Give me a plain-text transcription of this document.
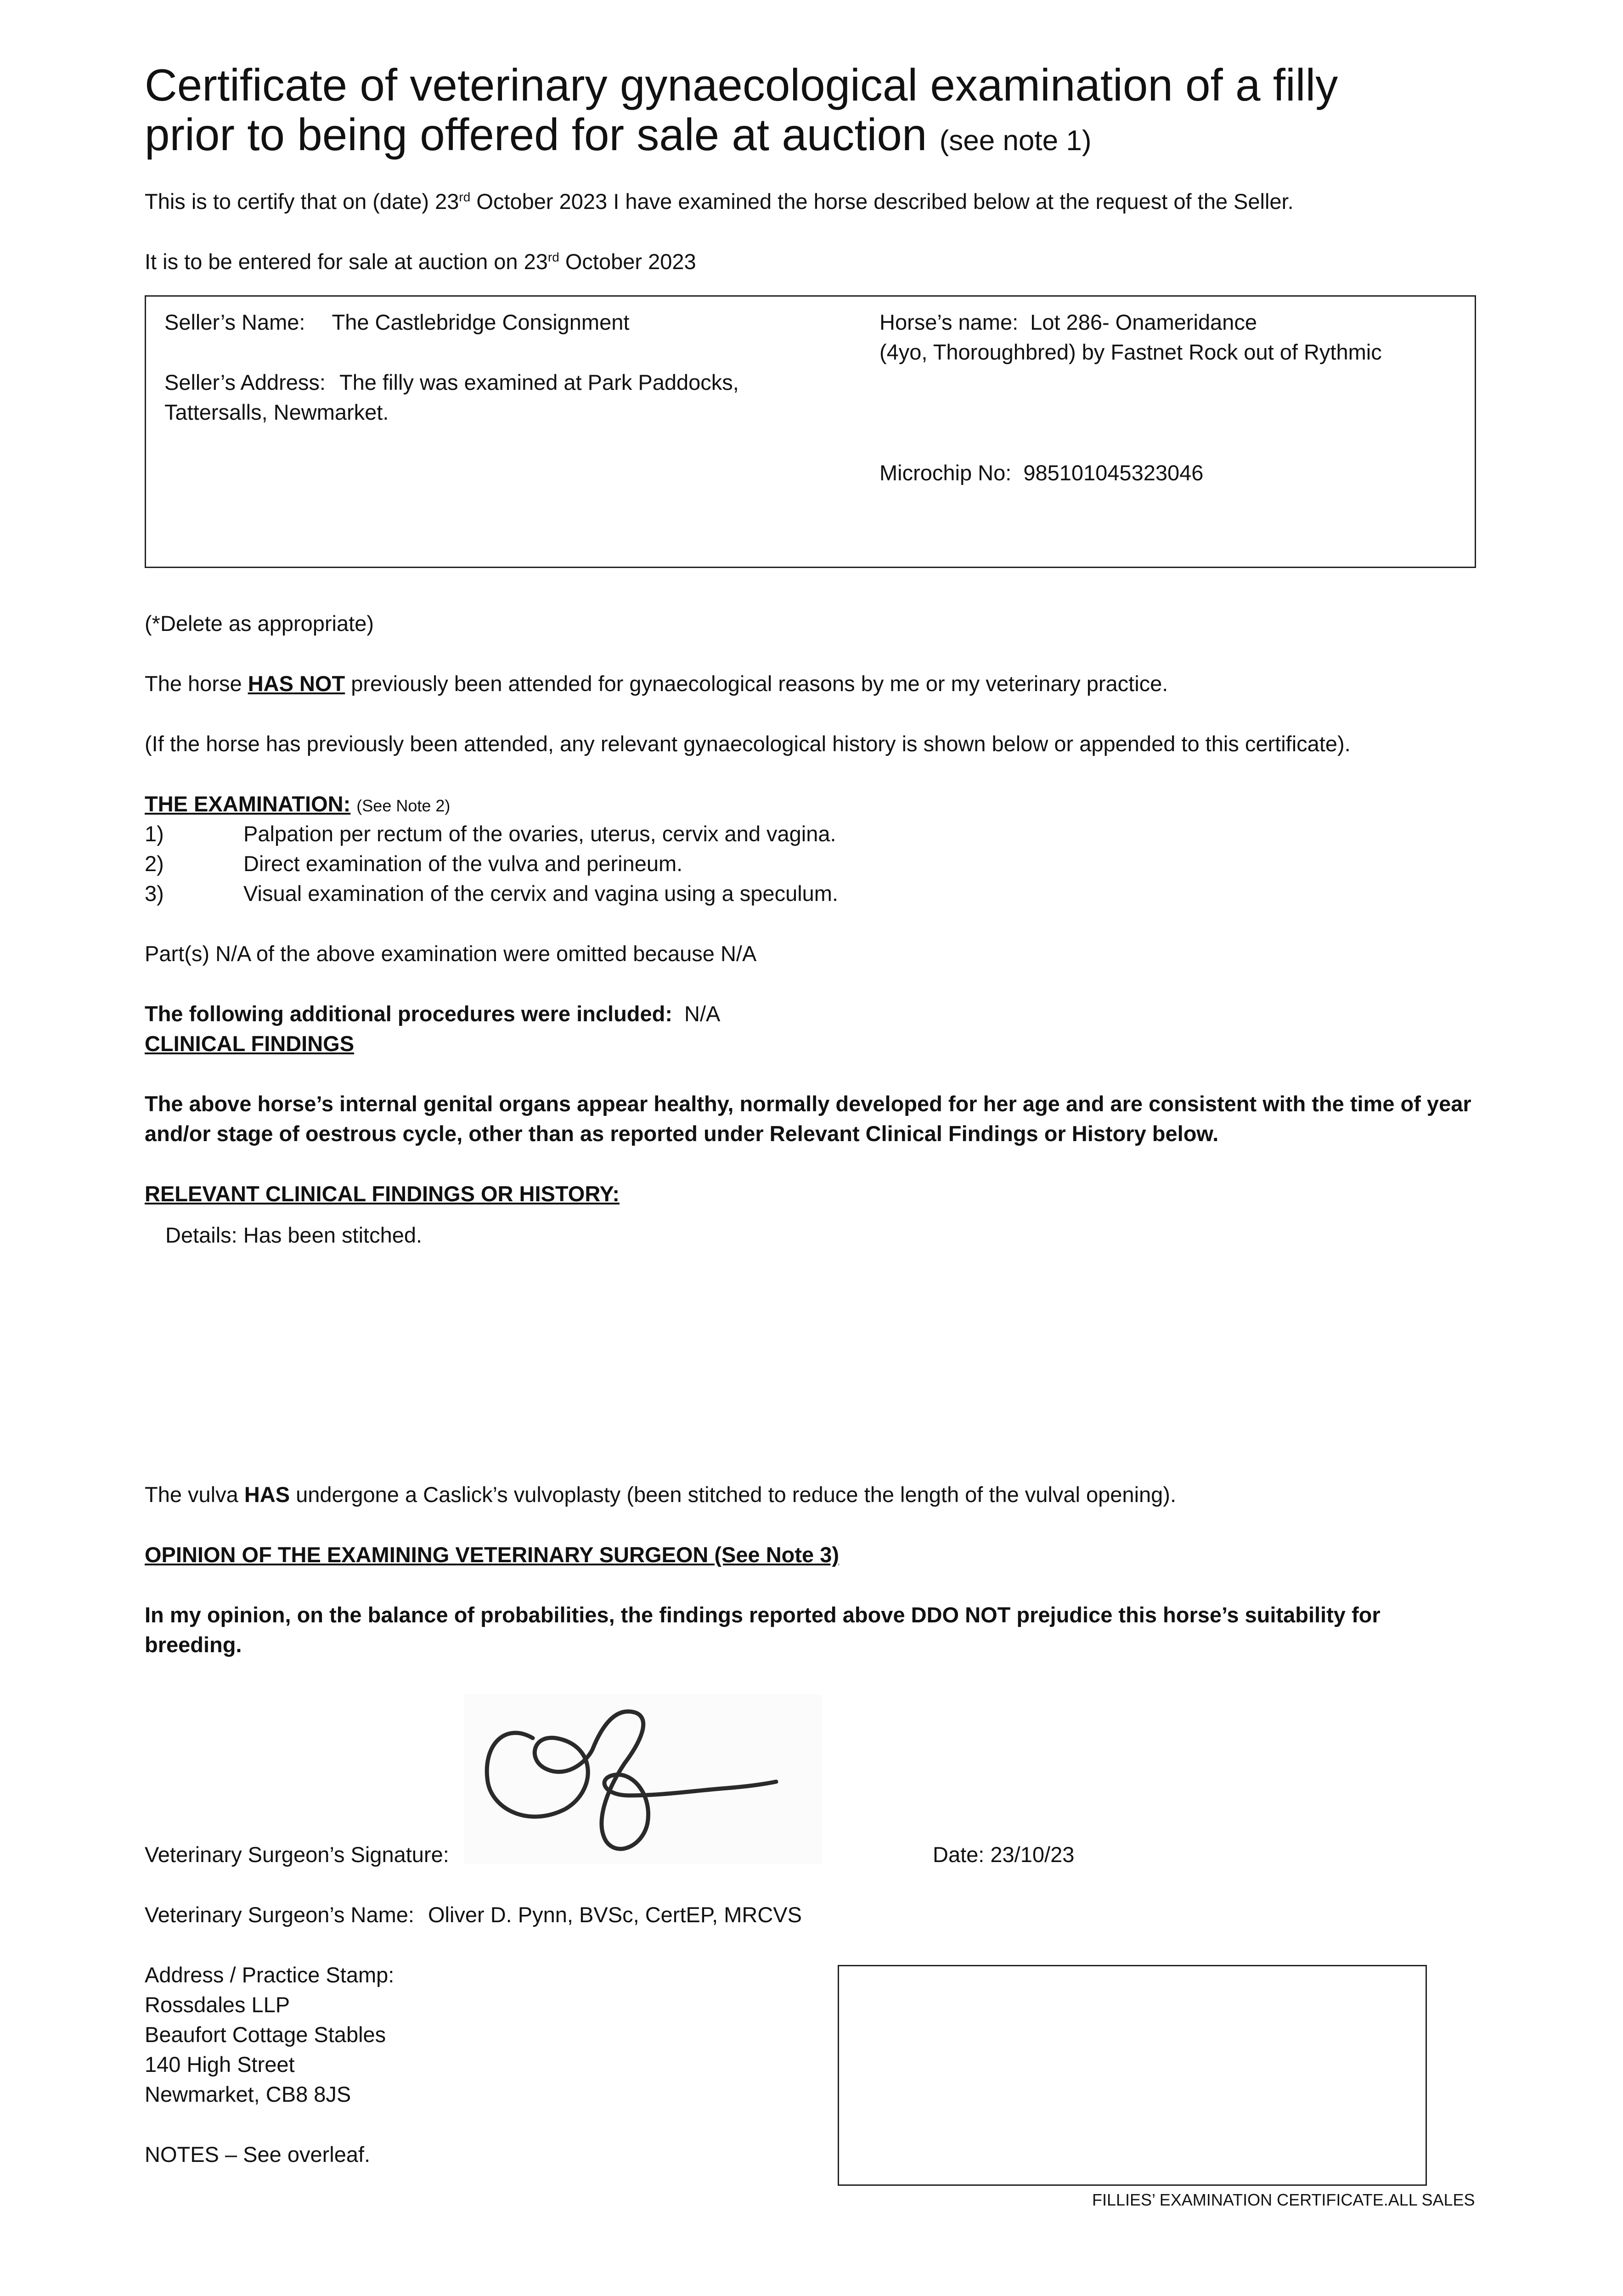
Certificate of veterinary gynaecological examination of a filly
prior to being offered for sale at auction (see note 1)
This is to certify that on (date) 23rd October 2023 I have examined the horse described below at the request of the Seller.
It is to be entered for sale at auction on 23rd October 2023
Seller’s Name: The Castlebridge Consignment
Seller’s Address: The filly was examined at Park Paddocks,
Tattersalls, Newmarket.
Horse’s name: Lot 286- Onameridance
(4yo, Thoroughbred) by Fastnet Rock out of Rythmic
Microchip No: 985101045323046
(*Delete as appropriate)
The horse HAS NOT previously been attended for gynaecological reasons by me or my veterinary practice.
(If the horse has previously been attended, any relevant gynaecological history is shown below or appended to this certificate).
THE EXAMINATION: (See Note 2)
1)	Palpation per rectum of the ovaries, uterus, cervix and vagina.
2)	Direct examination of the vulva and perineum.
3)	Visual examination of the cervix and vagina using a speculum.
Part(s) N/A of the above examination were omitted because N/A
The following additional procedures were included: N/A
CLINICAL FINDINGS
The above horse’s internal genital organs appear healthy, normally developed for her age and are consistent with the time of year
and/or stage of oestrous cycle, other than as reported under Relevant Clinical Findings or History below.
RELEVANT CLINICAL FINDINGS OR HISTORY:
Details: Has been stitched.
The vulva HAS undergone a Caslick’s vulvoplasty (been stitched to reduce the length of the vulval opening).
OPINION OF THE EXAMINING VETERINARY SURGEON (See Note 3)
In my opinion, on the balance of probabilities, the findings reported above DDO NOT prejudice this horse’s suitability for
breeding.
Veterinary Surgeon’s Signature:	Date: 23/10/23
Veterinary Surgeon’s Name: Oliver D. Pynn, BVSc, CertEP, MRCVS
Address / Practice Stamp:
Rossdales LLP
Beaufort Cottage Stables
140 High Street
Newmarket, CB8 8JS
NOTES – See overleaf.
FILLIES’ EXAMINATION CERTIFICATE.ALL SALES
